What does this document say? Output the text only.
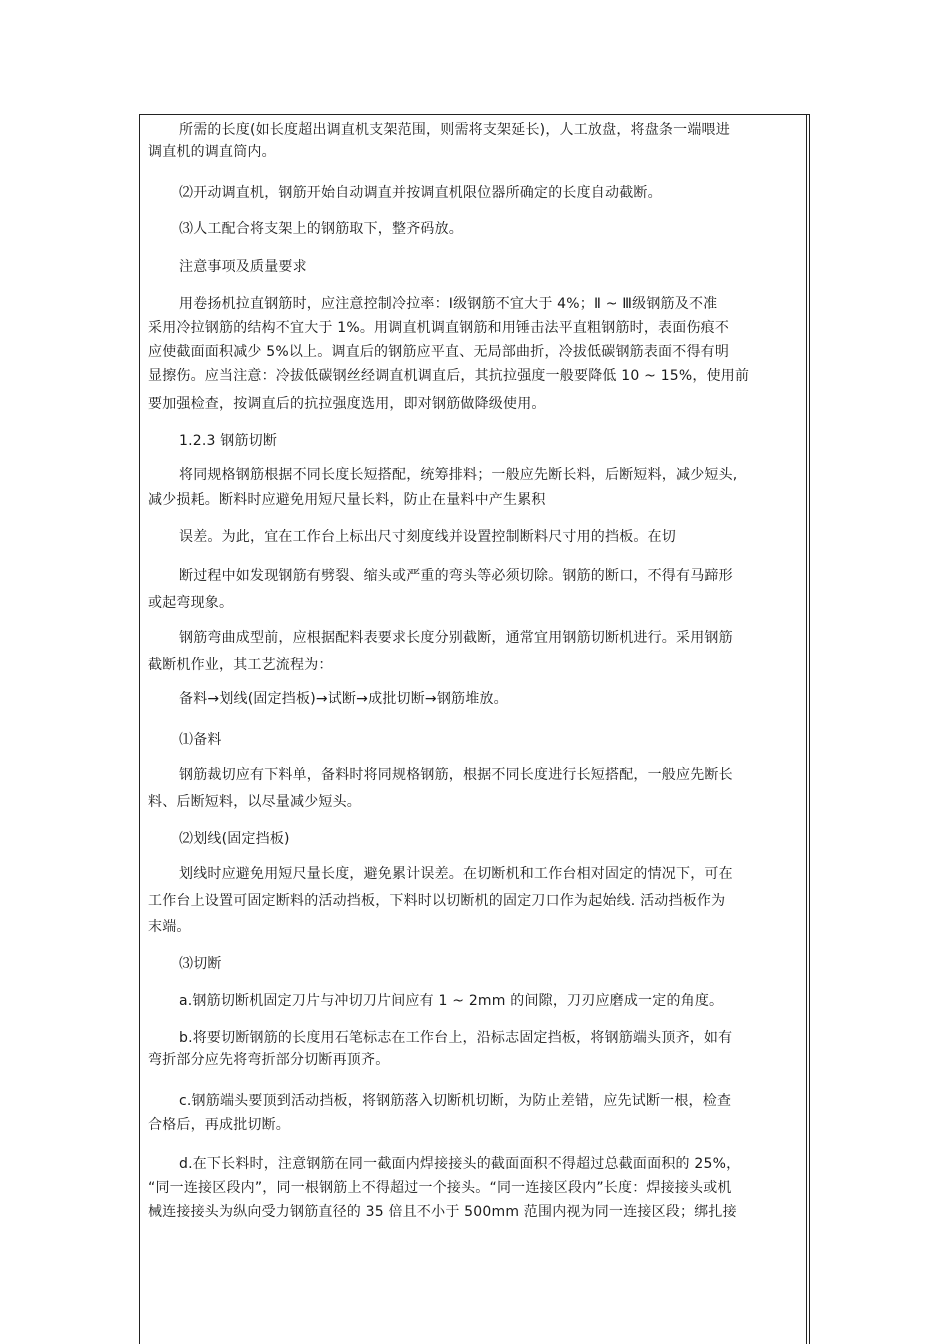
所需的长度(如长度超出调直机支架范围，则需将支架延长)，人工放盘，将盘条一端喂进
调直机的调直筒内。
⑵开动调直机，钢筋开始自动调直并按调直机限位器所确定的长度自动截断。
⑶人工配合将支架上的钢筋取下，整齐码放。
注意事项及质量要求
用卷扬机拉直钢筋时，应注意控制冷拉率：Ⅰ级钢筋不宜大于 4%；Ⅱ ~ Ⅲ级钢筋及不准
采用冷拉钢筋的结构不宜大于 1%。用调直机调直钢筋和用锤击法平直粗钢筋时，表面伤痕不
应使截面面积减少 5%以上。调直后的钢筋应平直、无局部曲折，冷拔低碳钢筋表面不得有明
显擦伤。应当注意：冷拔低碳钢丝经调直机调直后，其抗拉强度一般要降低 10 ~ 15%，使用前
要加强检查，按调直后的抗拉强度选用，即对钢筋做降级使用。
1.2.3 钢筋切断
将同规格钢筋根据不同长度长短搭配，统筹排料；一般应先断长料，后断短料，减少短头,
减少损耗。断料时应避免用短尺量长料，防止在量料中产生累积
误差。为此，宜在工作台上标出尺寸刻度线并设置控制断料尺寸用的挡板。在切
断过程中如发现钢筋有劈裂、缩头或严重的弯头等必须切除。钢筋的断口，不得有马蹄形
或起弯现象。
钢筋弯曲成型前，应根据配料表要求长度分别截断，通常宜用钢筋切断机进行。采用钢筋
截断机作业，其工艺流程为：
备料→划线(固定挡板)→试断→成批切断→钢筋堆放。
⑴备料
钢筋裁切应有下料单，备料时将同规格钢筋，根据不同长度进行长短搭配，一般应先断长
料、后断短料，以尽量减少短头。
⑵划线(固定挡板)
划线时应避免用短尺量长度，避免累计误差。在切断机和工作台相对固定的情况下，可在
工作台上设置可固定断料的活动挡板，下料时以切断机的固定刀口作为起始线. 活动挡板作为
末端。
⑶切断
a.钢筋切断机固定刀片与冲切刀片间应有 1 ~ 2mm 的间隙，刀刃应磨成一定的角度。
b.将要切断钢筋的长度用石笔标志在工作台上，沿标志固定挡板，将钢筋端头顶齐，如有
弯折部分应先将弯折部分切断再顶齐。
c.钢筋端头要顶到活动挡板，将钢筋落入切断机切断，为防止差错，应先试断一根，检查
合格后，再成批切断。
d.在下长料时，注意钢筋在同一截面内焊接接头的截面面积不得超过总截面面积的 25%，
“同一连接区段内”，同一根钢筋上不得超过一个接头。“同一连接区段内”长度：焊接接头或机
械连接接头为纵向受力钢筋直径的 35 倍且不小于 500mm 范围内视为同一连接区段；绑扎接
